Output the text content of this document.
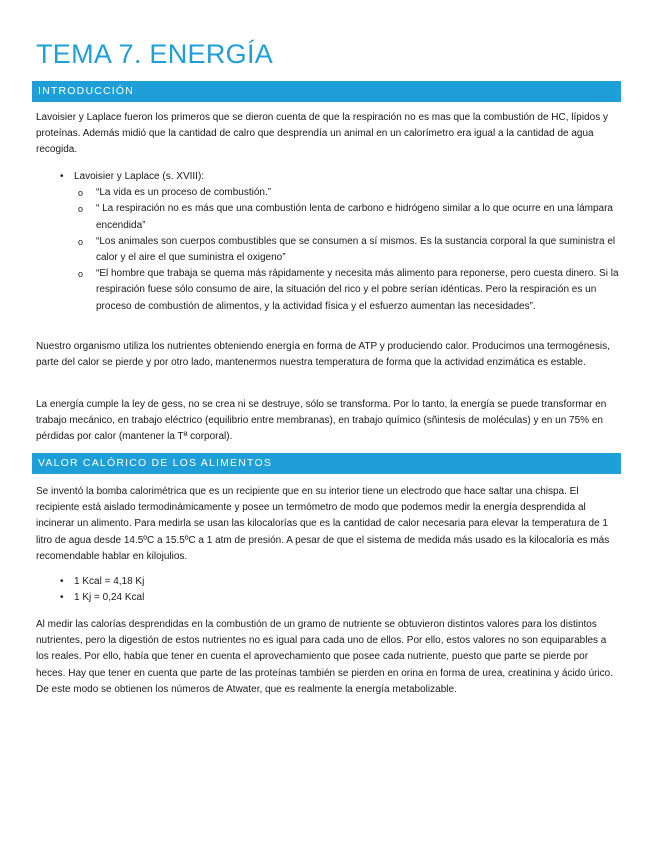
TEMA 7. ENERGÍA
INTRODUCCIÓN

Lavoisier y Laplace fueron los primeros que se dieron cuenta de que la respiración no es mas que la combustión de HC, lípidos y proteínas. Además midió que la cantidad de calro que desprendía un animal en un calorímetro era igual a la cantidad de agua recogida.

• Lavoisier y Laplace (s. XVIII):
o “La vida es un proceso de combustión.”
o “ La respiración no es más que una combustión lenta de carbono e hidrógeno similar a lo que ocurre en una lámpara encendida”
o “Los animales son cuerpos combustibles que se consumen a sí mismos. Es la sustancia corporal la que suministra el calor y el aire el que suministra el oxigeno”
o “El hombre que trabaja se quema más rápidamente y necesita más alimento para reponerse, pero cuesta dinero. Si la respiración fuese sólo consumo de aire, la situación del rico y el pobre serían idénticas. Pero la respiración es un proceso de combustión de alimentos, y la actividad física y el esfuerzo aumentan las necesidades”.

Nuestro organismo utiliza los nutrientes obteniendo energía en forma de ATP y produciendo calor. Producimos una termogénesis, parte del calor se pierde y por otro lado, mantenermos nuestra temperatura de forma que la actividad enzimática es estable.

La energía cumple la ley de gess, no se crea ni se destruye, sólo se transforma. Por lo tanto, la energía se puede transformar en trabajo mecánico, en trabajo eléctrico (equilibrio entre membranas), en trabajo químico (sñintesis de moléculas) y en un 75% en pérdidas por calor (mantener la Tª corporal).

VALOR CALÓRICO DE LOS ALIMENTOS

Se inventó la bomba calorimétrica que es un recipiente que en su interior tiene un electrodo que hace saltar una chispa. El recipiente está aislado termodinámicamente y posee un termómetro de modo que podemos medir la energía desprendida al incinerar un alimento. Para medirla se usan las kilocalorías que es la cantidad de calor necesaria para elevar la temperatura de 1 litro de agua desde 14.5ºC a 15.5ºC a 1 atm de presión. A pesar de que el sistema de medida más usado es la kilocaloría es más recomendable hablar en kilojulios.

• 1 Kcal = 4,18 Kj
• 1 Kj = 0,24 Kcal

Al medir las calorías desprendidas en la combustión de un gramo de nutriente se obtuvieron distintos valores para los distintos nutrientes, pero la digestión de estos nutrientes no es igual para cada uno de ellos. Por ello, estos valores no son equiparables a los reales. Por ello, había que tener en cuenta el aprovechamiento que posee cada nutriente, puesto que parte se pierde por heces. Hay que tener en cuenta que parte de las proteínas también se pierden en orina en forma de urea, creatinina y ácido úrico. De este modo se obtienen los números de Atwater, que es realmente la energía metabolizable.
